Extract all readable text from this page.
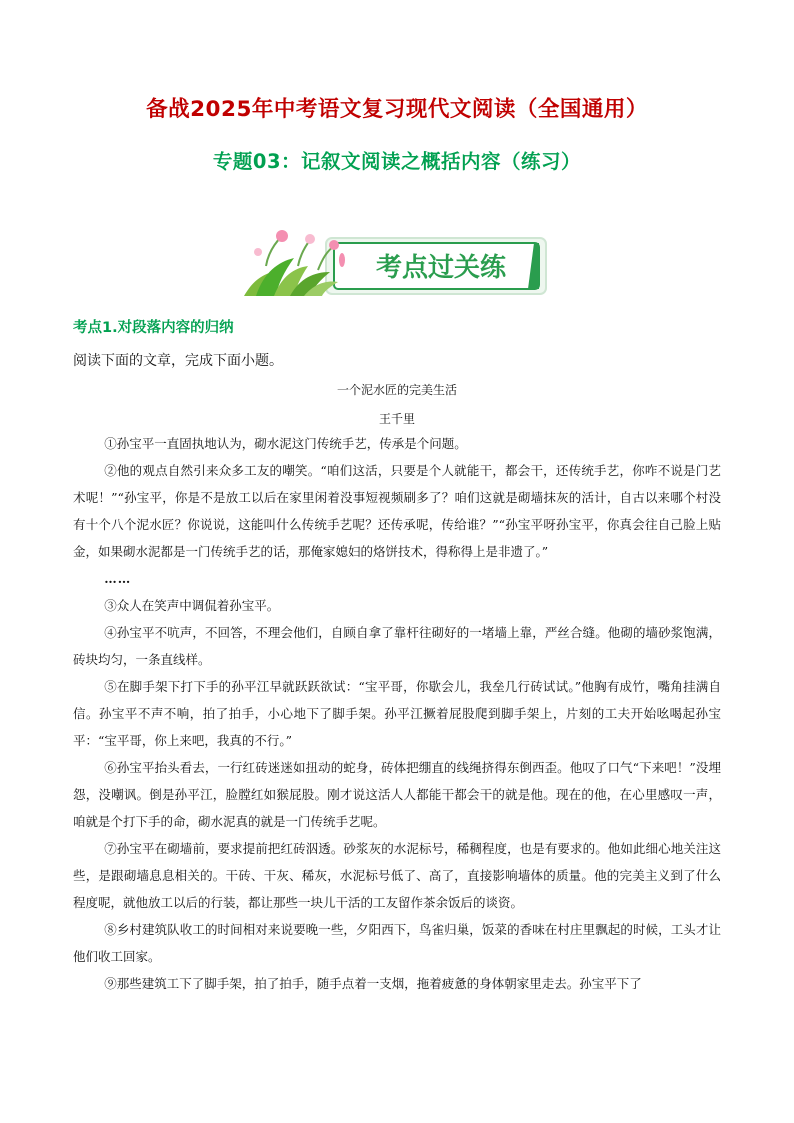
备战2025年中考语文复习现代文阅读（全国通用）
专题03：记叙文阅读之概括内容（练习）
考点过关练
考点1.对段落内容的归纳
阅读下面的文章，完成下面小题。
一个泥水匠的完美生活
王千里

①孙宝平一直固执地认为，砌水泥这门传统手艺，传承是个问题。

②他的观点自然引来众多工友的嘲笑。“咱们这活，只要是个人就能干，都会干，还传统手艺，你咋不说是门艺术呢！”“孙宝平，你是不是放工以后在家里闲着没事短视频刷多了？咱们这就是砌墙抹灰的活计，自古以来哪个村没有十个八个泥水匠？你说说，这能叫什么传统手艺呢？还传承呢，传给谁？”“孙宝平呀孙宝平，你真会往自己脸上贴金，如果砌水泥都是一门传统手艺的话，那俺家媳妇的烙饼技术，得称得上是非遗了。”

……

③众人在笑声中调侃着孙宝平。

④孙宝平不吭声，不回答，不理会他们，自顾自拿了靠杆往砌好的一堵墙上靠，严丝合缝。他砌的墙砂浆饱满，砖块均匀，一条直线样。

⑤在脚手架下打下手的孙平江早就跃跃欲试：“宝平哥，你歇会儿，我垒几行砖试试。”他胸有成竹，嘴角挂满自信。孙宝平不声不响，拍了拍手，小心地下了脚手架。孙平江撅着屁股爬到脚手架上，片刻的工夫开始吆喝起孙宝平：“宝平哥，你上来吧，我真的不行。”

⑥孙宝平抬头看去，一行红砖迷迷如扭动的蛇身，砖体把绷直的线绳挤得东倒西歪。他叹了口气“下来吧！”没埋怨，没嘲讽。倒是孙平江，脸膛红如猴屁股。刚才说这活人人都能干都会干的就是他。现在的他，在心里感叹一声，咱就是个打下手的命，砌水泥真的就是一门传统手艺呢。

⑦孙宝平在砌墙前，要求提前把红砖泅透。砂浆灰的水泥标号，稀稠程度，也是有要求的。他如此细心地关注这些，是跟砌墙息息相关的。干砖、干灰、稀灰，水泥标号低了、高了，直接影响墙体的质量。他的完美主义到了什么程度呢，就他放工以后的行装，都让那些一块儿干活的工友留作茶余饭后的谈资。

⑧乡村建筑队收工的时间相对来说要晚一些，夕阳西下，鸟雀归巢，饭菜的香味在村庄里飘起的时候，工头才让他们收工回家。

⑨那些建筑工下了脚手架，拍了拍手，随手点着一支烟，拖着疲惫的身体朝家里走去。孙宝平下了
